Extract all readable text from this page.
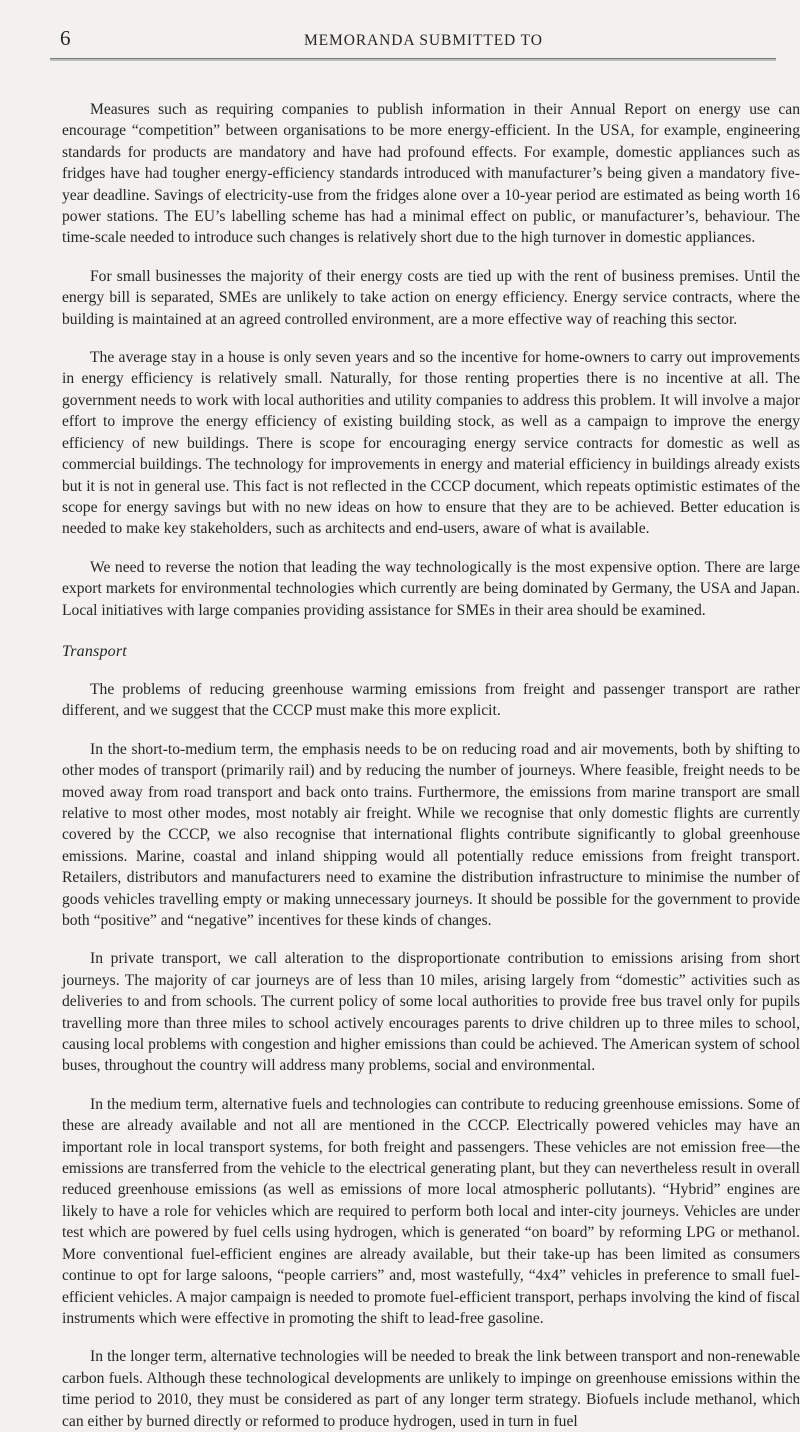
6	MEMORANDA SUBMITTED TO

Measures such as requiring companies to publish information in their Annual Report on energy use can encourage “competition” between organisations to be more energy-efficient. In the USA, for example, engineering standards for products are mandatory and have had profound effects. For example, domestic appliances such as fridges have had tougher energy-efficiency standards introduced with manufacturer’s being given a mandatory five-year deadline. Savings of electricity-use from the fridges alone over a 10-year period are estimated as being worth 16 power stations. The EU’s labelling scheme has had a minimal effect on public, or manufacturer’s, behaviour. The time-scale needed to introduce such changes is relatively short due to the high turnover in domestic appliances.

For small businesses the majority of their energy costs are tied up with the rent of business premises. Until the energy bill is separated, SMEs are unlikely to take action on energy efficiency. Energy service contracts, where the building is maintained at an agreed controlled environment, are a more effective way of reaching this sector.

The average stay in a house is only seven years and so the incentive for home-owners to carry out improvements in energy efficiency is relatively small. Naturally, for those renting properties there is no incentive at all. The government needs to work with local authorities and utility companies to address this problem. It will involve a major effort to improve the energy efficiency of existing building stock, as well as a campaign to improve the energy efficiency of new buildings. There is scope for encouraging energy service contracts for domestic as well as commercial buildings. The technology for improvements in energy and material efficiency in buildings already exists but it is not in general use. This fact is not reflected in the CCCP document, which repeats optimistic estimates of the scope for energy savings but with no new ideas on how to ensure that they are to be achieved. Better education is needed to make key stakeholders, such as architects and end-users, aware of what is available.

We need to reverse the notion that leading the way technologically is the most expensive option. There are large export markets for environmental technologies which currently are being dominated by Germany, the USA and Japan. Local initiatives with large companies providing assistance for SMEs in their area should be examined.

Transport

The problems of reducing greenhouse warming emissions from freight and passenger transport are rather different, and we suggest that the CCCP must make this more explicit.

In the short-to-medium term, the emphasis needs to be on reducing road and air movements, both by shifting to other modes of transport (primarily rail) and by reducing the number of journeys. Where feasible, freight needs to be moved away from road transport and back onto trains. Furthermore, the emissions from marine transport are small relative to most other modes, most notably air freight. While we recognise that only domestic flights are currently covered by the CCCP, we also recognise that international flights contribute significantly to global greenhouse emissions. Marine, coastal and inland shipping would all potentially reduce emissions from freight transport. Retailers, distributors and manufacturers need to examine the distribution infrastructure to minimise the number of goods vehicles travelling empty or making unnecessary journeys. It should be possible for the government to provide both “positive” and “negative” incentives for these kinds of changes.

In private transport, we call alteration to the disproportionate contribution to emissions arising from short journeys. The majority of car journeys are of less than 10 miles, arising largely from “domestic” activities such as deliveries to and from schools. The current policy of some local authorities to provide free bus travel only for pupils travelling more than three miles to school actively encourages parents to drive children up to three miles to school, causing local problems with congestion and higher emissions than could be achieved. The American system of school buses, throughout the country will address many problems, social and environmental.

In the medium term, alternative fuels and technologies can contribute to reducing greenhouse emissions. Some of these are already available and not all are mentioned in the CCCP. Electrically powered vehicles may have an important role in local transport systems, for both freight and passengers. These vehicles are not emission free—the emissions are transferred from the vehicle to the electrical generating plant, but they can nevertheless result in overall reduced greenhouse emissions (as well as emissions of more local atmospheric pollutants). “Hybrid” engines are likely to have a role for vehicles which are required to perform both local and inter-city journeys. Vehicles are under test which are powered by fuel cells using hydrogen, which is generated “on board” by reforming LPG or methanol. More conventional fuel-efficient engines are already available, but their take-up has been limited as consumers continue to opt for large saloons, “people carriers” and, most wastefully, “4x4” vehicles in preference to small fuel-efficient vehicles. A major campaign is needed to promote fuel-efficient transport, perhaps involving the kind of fiscal instruments which were effective in promoting the shift to lead-free gasoline.

In the longer term, alternative technologies will be needed to break the link between transport and non-renewable carbon fuels. Although these technological developments are unlikely to impinge on greenhouse emissions within the time period to 2010, they must be considered as part of any longer term strategy. Biofuels include methanol, which can either by burned directly or reformed to produce hydrogen, used in turn in fuel
